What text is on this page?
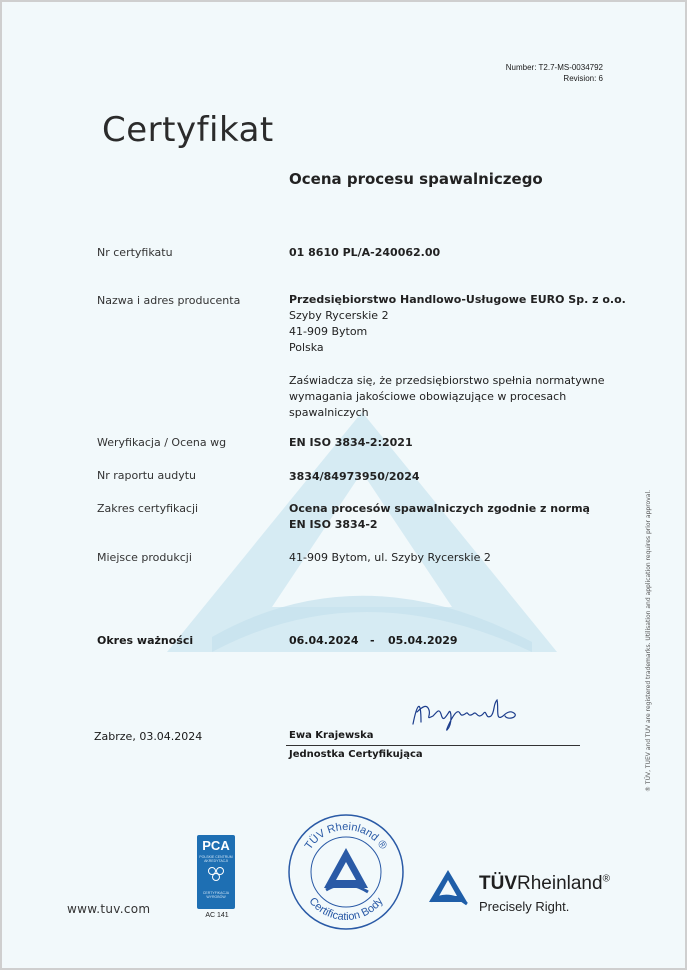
Number: T2.7-MS-0034792
Revision: 6
Certyfikat
Ocena procesu spawalniczego
Nr certyfikatu	01 8610 PL/A-240062.00
Nazwa i adres producenta	Przedsiębiorstwo Handlowo-Usługowe EURO Sp. z o.o.
Szyby Rycerskie 2
41-909 Bytom
Polska
Zaświadcza się, że przedsiębiorstwo spełnia normatywne
wymagania jakościowe obowiązujące w procesach
spawalniczych
Weryfikacja / Ocena wg	EN ISO 3834-2:2021
Nr raportu audytu	3834/84973950/2024
Zakres certyfikacji	Ocena procesów spawalniczych zgodnie z normą
EN ISO 3834-2
Miejsce produkcji	41-909 Bytom, ul. Szyby Rycerskie 2
Okres ważności	06.04.2024 - 05.04.2029
Zabrze, 03.04.2024	Ewa Krajewska
Jednostka Certyfikująca	® TÜV, TUEV and TUV are registered trademarks. Utilisation and application requires prior approval.
PCA
POLSKIE CENTRUM AKREDYTACJI
CERTYFIKACJA WYROBÓW
AC 141
TÜV Rheinland ®
Certification Body
TÜVRheinland®
Precisely Right.
www.tuv.com
